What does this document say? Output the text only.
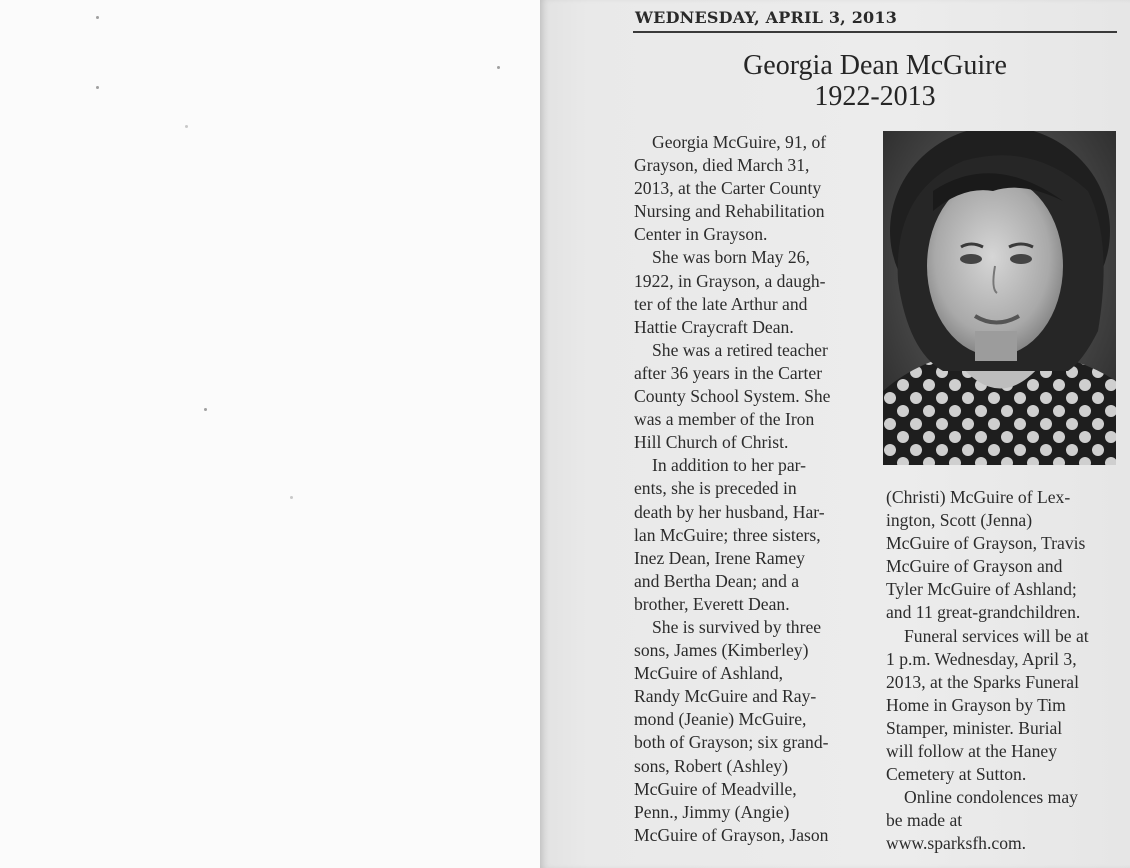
WEDNESDAY, APRIL 3, 2013
Georgia Dean McGuire
1922-2013

Georgia McGuire, 91, of

Grayson, died March 31,

2013, at the Carter County

Nursing and Rehabilitation

Center in Grayson.

She was born May 26,

1922, in Grayson, a daugh-

ter of the late Arthur and

Hattie Craycraft Dean.

She was a retired teacher

after 36 years in the Carter

County School System. She

was a member of the Iron

Hill Church of Christ.

In addition to her par-

ents, she is preceded in

death by her husband, Har-

lan McGuire; three sisters,

Inez Dean, Irene Ramey

and Bertha Dean; and a

brother, Everett Dean.

She is survived by three

sons, James (Kimberley)

McGuire of Ashland,

Randy McGuire and Ray-

mond (Jeanie) McGuire,

both of Grayson; six grand-

sons, Robert (Ashley)

McGuire of Meadville,

Penn., Jimmy (Angie)

McGuire of Grayson, Jason

(Christi) McGuire of Lex-

ington, Scott (Jenna)

McGuire of Grayson, Travis

McGuire of Grayson and

Tyler McGuire of Ashland;

and 11 great-grandchildren.

Funeral services will be at

1 p.m. Wednesday, April 3,

2013, at the Sparks Funeral

Home in Grayson by Tim

Stamper, minister. Burial

will follow at the Haney

Cemetery at Sutton.

Online condolences may

be made at

www.sparksfh.com.
